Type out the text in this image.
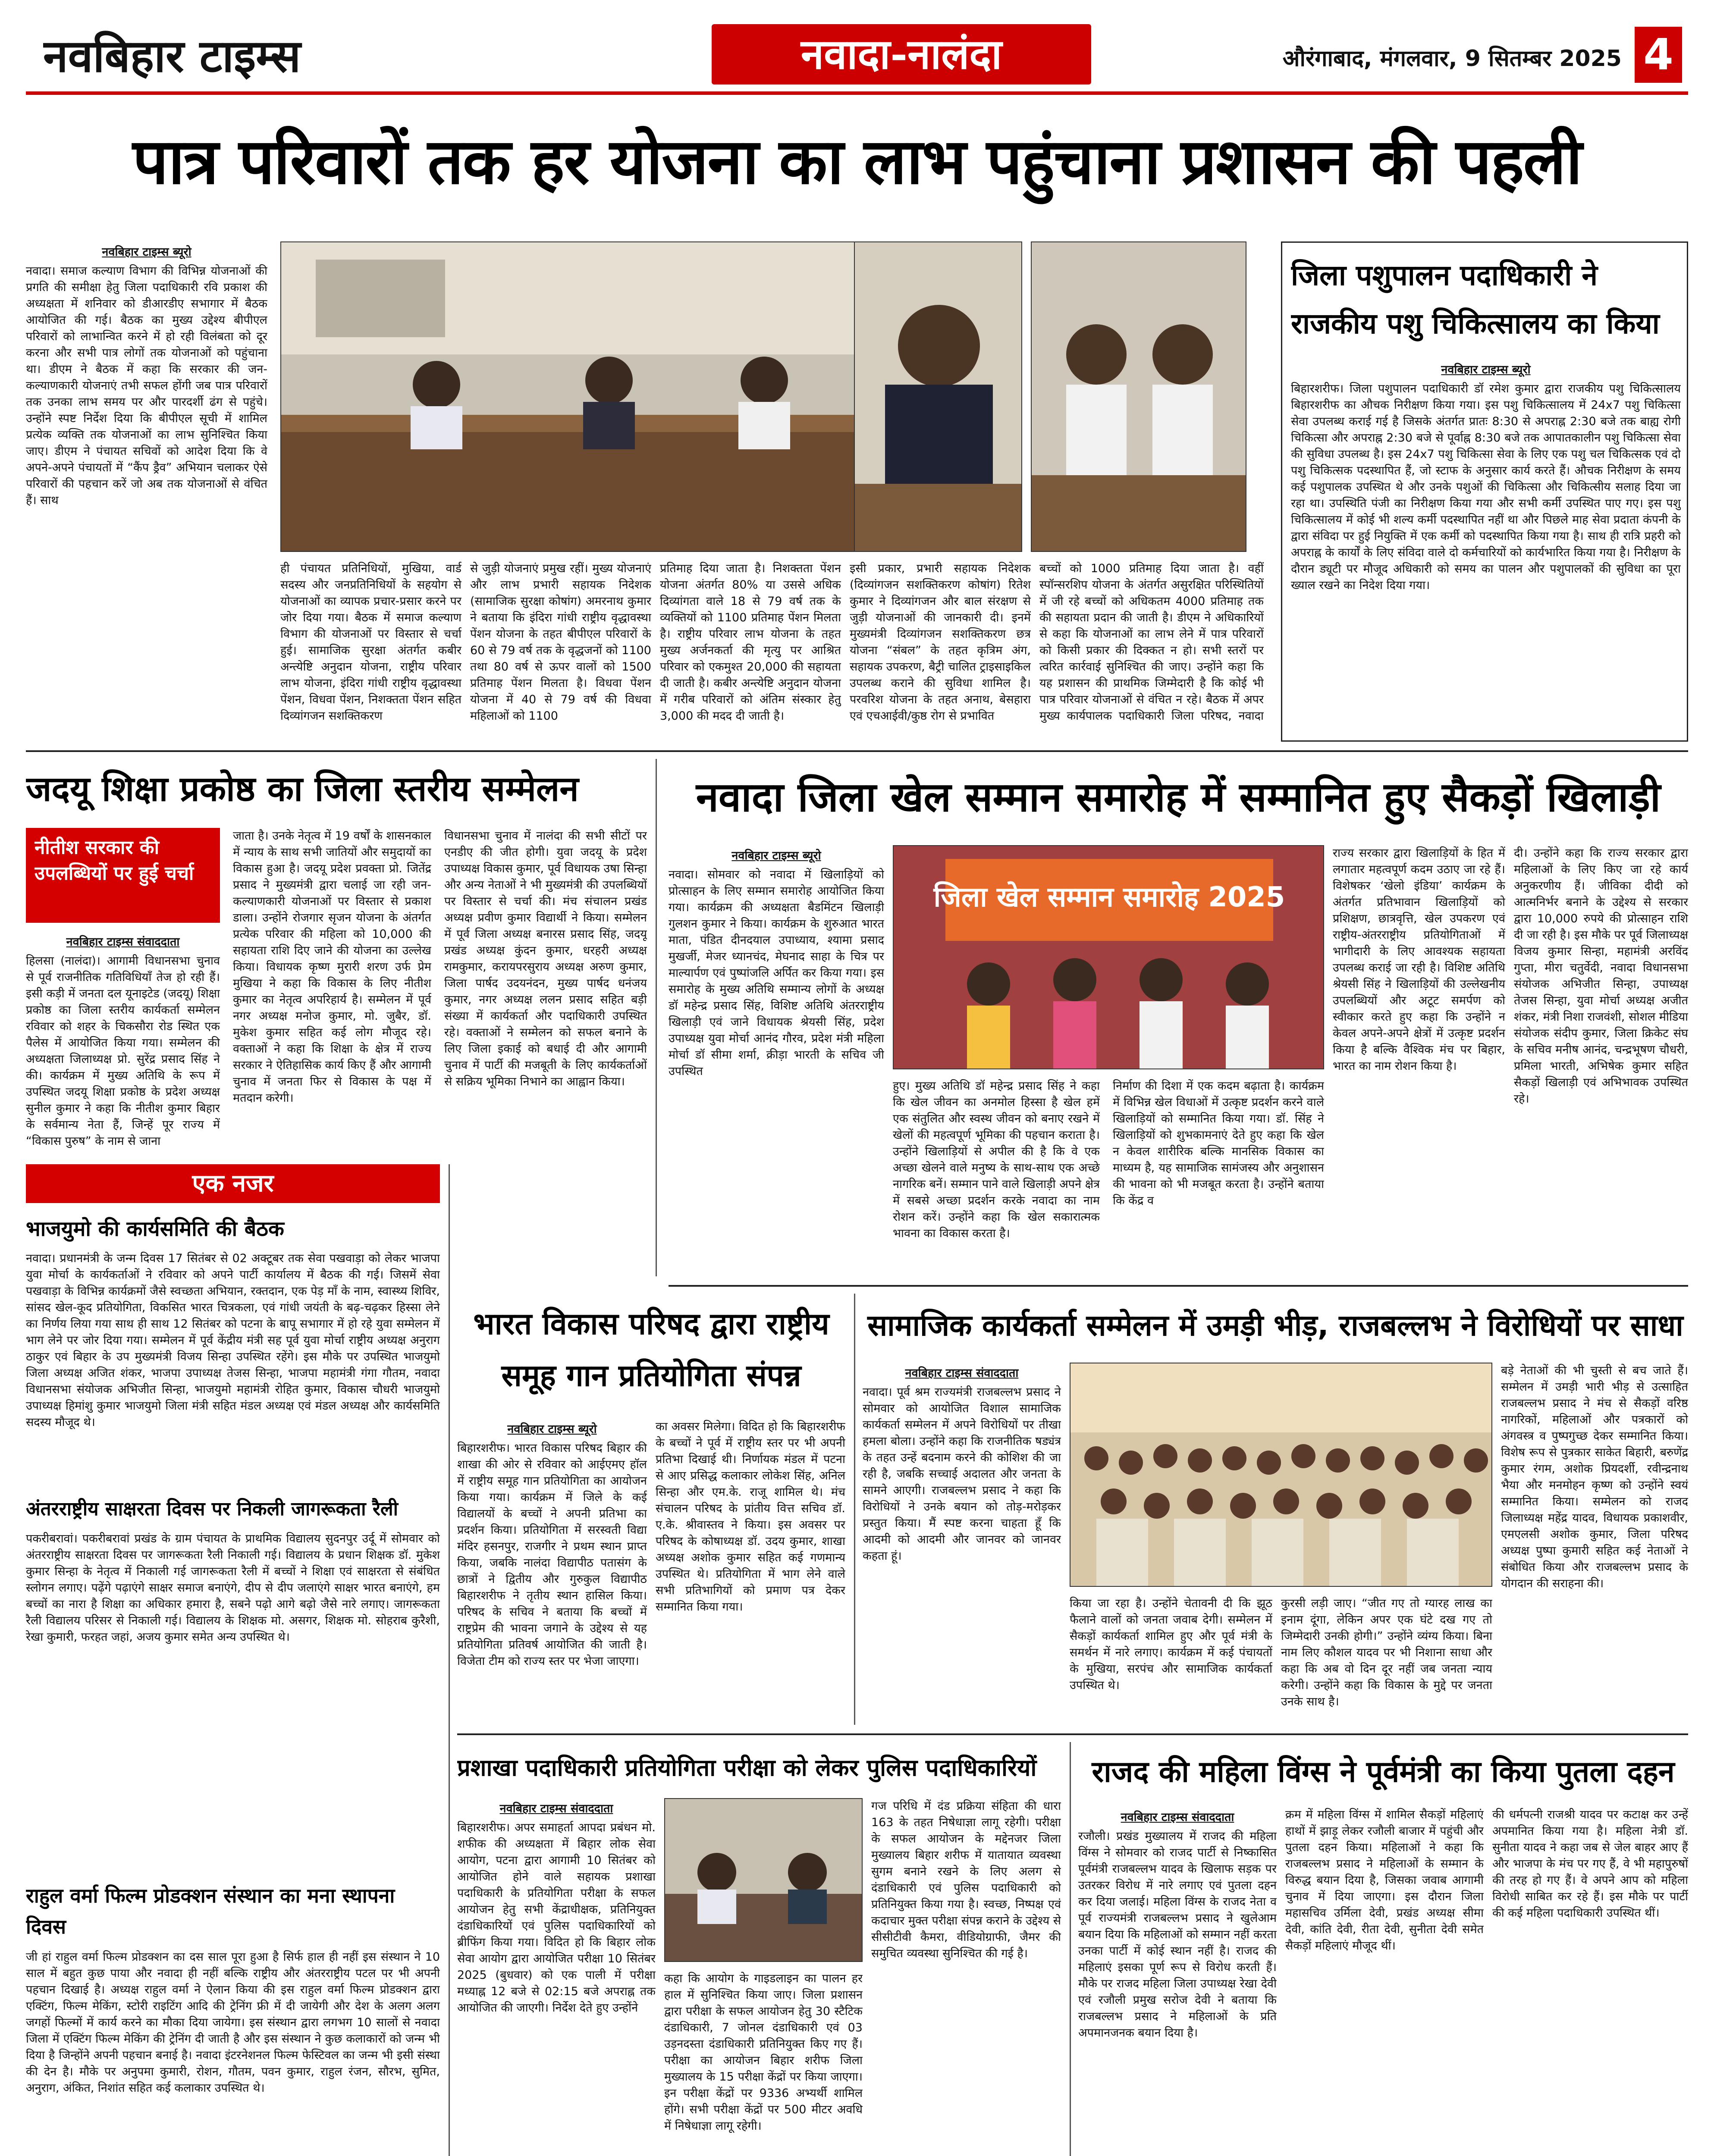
नवबिहार टाइम्स	नवादा-नालंदा	औरंगाबाद, मंगलवार, 9 सितम्बर 2025 4
पात्र परिवारों तक हर योजना का लाभ पहुंचाना प्रशासन की पहली
नवबिहार टाइम्स ब्यूरो

नवादा। समाज कल्याण विभाग की विभिन्न योजनाओं की प्रगति की समीक्षा हेतु जिला पदाधिकारी रवि प्रकाश की अध्यक्षता में शनिवार को डीआरडीए सभागार में बैठक आयोजित की गई। बैठक का मुख्य उद्देश्य बीपीएल परिवारों को लाभान्वित करने में हो रही विलंबता को दूर करना और सभी पात्र लोगों तक योजनाओं को पहुंचाना था। डीएम ने बैठक में कहा कि सरकार की जन-कल्याणकारी योजनाएं तभी सफल होंगी जब पात्र परिवारों तक उनका लाभ समय पर और पारदर्शी ढंग से पहुंचे। उन्होंने स्पष्ट निर्देश दिया कि बीपीएल सूची में शामिल प्रत्येक व्यक्ति तक योजनाओं का लाभ सुनिश्चित किया जाए। डीएम ने पंचायत सचिवों को आदेश दिया कि वे अपने-अपने पंचायतों में “कैंप ड्रैव” अभियान चलाकर ऐसे परिवारों की पहचान करें जो अब तक योजनाओं से वंचित हैं। साथ

ही पंचायत प्रतिनिधियों, मुखिया, वार्ड सदस्य और जनप्रतिनिधियों के सहयोग से योजनाओं का व्यापक प्रचार-प्रसार करने पर जोर दिया गया। बैठक में समाज कल्याण विभाग की योजनाओं पर विस्तार से चर्चा हुई। सामाजिक सुरक्षा अंतर्गत कबीर अन्त्येष्टि अनुदान योजना, राष्ट्रीय परिवार लाभ योजना, इंदिरा गांधी राष्ट्रीय वृद्धावस्था पेंशन, विधवा पेंशन, निशक्तता पेंशन सहित दिव्यांगजन सशक्तिकरण

से जुड़ी योजनाएं प्रमुख रहीं। मुख्य योजनाएं और लाभ प्रभारी सहायक निदेशक (सामाजिक सुरक्षा कोषांग) अमरनाथ कुमार ने बताया कि इंदिरा गांधी राष्ट्रीय वृद्धावस्था पेंशन योजना के तहत बीपीएल परिवारों के 60 से 79 वर्ष तक के वृद्धजनों को 1100 तथा 80 वर्ष से ऊपर वालों को 1500 प्रतिमाह पेंशन मिलता है। विधवा पेंशन योजना में 40 से 79 वर्ष की विधवा महिलाओं को 1100

प्रतिमाह दिया जाता है। निशक्तता पेंशन योजना अंतर्गत 80% या उससे अधिक दिव्यांगता वाले 18 से 79 वर्ष तक के व्यक्तियों को 1100 प्रतिमाह पेंशन मिलता है। राष्ट्रीय परिवार लाभ योजना के तहत मुख्य अर्जनकर्ता की मृत्यु पर आश्रित परिवार को एकमुश्त 20,000 की सहायता दी जाती है। कबीर अन्त्येष्टि अनुदान योजना में गरीब परिवारों को अंतिम संस्कार हेतु 3,000 की मदद दी जाती है।

इसी प्रकार, प्रभारी सहायक निदेशक (दिव्यांगजन सशक्तिकरण कोषांग) रितेश कुमार ने दिव्यांगजन और बाल संरक्षण से जुड़ी योजनाओं की जानकारी दी। इनमें मुख्यमंत्री दिव्यांगजन सशक्तिकरण छत्र योजना “संबल” के तहत कृत्रिम अंग, सहायक उपकरण, बैट्री चालित ट्राइसाइकिल उपलब्ध कराने की सुविधा शामिल है। परवरिश योजना के तहत अनाथ, बेसहारा एवं एचआईवी/कुष्ठ रोग से प्रभावित

बच्चों को 1000 प्रतिमाह दिया जाता है। वहीं स्पॉन्सरशिप योजना के अंतर्गत असुरक्षित परिस्थितियों में जी रहे बच्चों को अधिकतम 4000 प्रतिमाह तक की सहायता प्रदान की जाती है। डीएम ने अधिकारियों से कहा कि योजनाओं का लाभ लेने में पात्र परिवारों को किसी प्रकार की दिक्कत न हो। सभी स्तरों पर त्वरित कार्रवाई सुनिश्चित की जाए। उन्होंने कहा कि यह प्रशासन की प्राथमिक जिम्मेदारी है कि कोई भी पात्र परिवार योजनाओं से वंचित न रहे। बैठक में अपर मुख्य कार्यपालक पदाधिकारी जिला परिषद, नवादा

जिला पशुपालन पदाधिकारी ने राजकीय पशु चिकित्सालय का किया
नवबिहार टाइम्स ब्यूरो

बिहारशरीफ। जिला पशुपालन पदाधिकारी डॉ रमेश कुमार द्वारा राजकीय पशु चिकित्सालय बिहारशरीफ का औचक निरीक्षण किया गया। इस पशु चिकित्सालय में 24x7 पशु चिकित्सा सेवा उपलब्ध कराई गई है जिसके अंतर्गत प्रातः 8:30 से अपराह्न 2:30 बजे तक बाह्य रोगी चिकित्सा और अपराह्न 2:30 बजे से पूर्वाह्न 8:30 बजे तक आपातकालीन पशु चिकित्सा सेवा की सुविधा उपलब्ध है। इस 24x7 पशु चिकित्सा सेवा के लिए एक पशु चल चिकित्सक एवं दो पशु चिकित्सक पदस्थापित हैं, जो स्टाफ के अनुसार कार्य करते हैं। औचक निरीक्षण के समय कई पशुपालक उपस्थित थे और उनके पशुओं की चिकित्सा और चिकित्सीय सलाह दिया जा रहा था। उपस्थिति पंजी का निरीक्षण किया गया और सभी कर्मी उपस्थित पाए गए। इस पशु चिकित्सालय में कोई भी शल्य कर्मी पदस्थापित नहीं था और पिछले माह सेवा प्रदाता कंपनी के द्वारा संविदा पर हुई नियुक्ति में एक कर्मी को पदस्थापित किया गया है। साथ ही रात्रि प्रहरी को अपराह्न के कार्यों के लिए संविदा वाले दो कर्मचारियों को कार्यभारित किया गया है। निरीक्षण के दौरान ड्यूटी पर मौजूद अधिकारी को समय का पालन और पशुपालकों की सुविधा का पूरा ख्याल रखने का निदेश दिया गया।

जदयू शिक्षा प्रकोष्ठ का जिला स्तरीय सम्मेलन
नीतीश सरकार की उपलब्धियों पर हुई चर्चा
नवबिहार टाइम्स संवाददाता

हिलसा (नालंदा)। आगामी विधानसभा चुनाव से पूर्व राजनीतिक गतिविधियाँ तेज हो रही हैं। इसी कड़ी में जनता दल यूनाइटेड (जदयू) शिक्षा प्रकोष्ठ का जिला स्तरीय कार्यकर्ता सम्मेलन रविवार को शहर के चिकसौरा रोड स्थित एक पैलेस में आयोजित किया गया। सम्मेलन की अध्यक्षता जिलाध्यक्ष प्रो. सुरेंद्र प्रसाद सिंह ने की। कार्यक्रम में मुख्य अतिथि के रूप में उपस्थित जदयू शिक्षा प्रकोष्ठ के प्रदेश अध्यक्ष सुनील कुमार ने कहा कि नीतीश कुमार बिहार के सर्वमान्य नेता हैं, जिन्हें पूर राज्य में “विकास पुरुष” के नाम से जाना

जाता है। उनके नेतृत्व में 19 वर्षों के शासनकाल में न्याय के साथ सभी जातियों और समुदायों का विकास हुआ है। जदयू प्रदेश प्रवक्ता प्रो. जितेंद्र प्रसाद ने मुख्यमंत्री द्वारा चलाई जा रही जन-कल्याणकारी योजनाओं पर विस्तार से प्रकाश डाला। उन्होंने रोजगार सृजन योजना के अंतर्गत प्रत्येक परिवार की महिला को 10,000 की सहायता राशि दिए जाने की योजना का उल्लेख किया। विधायक कृष्ण मुरारी शरण उर्फ प्रेम मुखिया ने कहा कि विकास के लिए नीतीश कुमार का नेतृत्व अपरिहार्य है। सम्मेलन में पूर्व नगर अध्यक्ष मनोज कुमार, मो. जुबैर, डॉ. मुकेश कुमार सहित कई लोग मौजूद रहे। वक्ताओं ने कहा कि शिक्षा के क्षेत्र में राज्य सरकार ने ऐतिहासिक कार्य किए हैं और आगामी चुनाव में जनता फिर से विकास के पक्ष में मतदान करेगी।

विधानसभा चुनाव में नालंदा की सभी सीटों पर एनडीए की जीत होगी। युवा जदयू के प्रदेश उपाध्यक्ष विकास कुमार, पूर्व विधायक उषा सिन्हा और अन्य नेताओं ने भी मुख्यमंत्री की उपलब्धियों पर विस्तार से चर्चा की। मंच संचालन प्रखंड अध्यक्ष प्रवीण कुमार विद्यार्थी ने किया। सम्मेलन में पूर्व जिला अध्यक्ष बनारस प्रसाद सिंह, जदयू प्रखंड अध्यक्ष कुंदन कुमार, धरहरी अध्यक्ष रामकुमार, करायपरसुराय अध्यक्ष अरुण कुमार, जिला पार्षद उदयनंदन, मुख्य पार्षद धनंजय कुमार, नगर अध्यक्ष ललन प्रसाद सहित बड़ी संख्या में कार्यकर्ता और पदाधिकारी उपस्थित रहे। वक्ताओं ने सम्मेलन को सफल बनाने के लिए जिला इकाई को बधाई दी और आगामी चुनाव में पार्टी की मजबूती के लिए कार्यकर्ताओं से सक्रिय भूमिका निभाने का आह्वान किया।

नवादा जिला खेल सम्मान समारोह में सम्मानित हुए सैकड़ों खिलाड़ी
नवबिहार टाइम्स ब्यूरो

नवादा। सोमवार को नवादा में खिलाड़ियों को प्रोत्साहन के लिए सम्मान समारोह आयोजित किया गया। कार्यक्रम की अध्यक्षता बैडमिंटन खिलाड़ी गुलशन कुमार ने किया। कार्यक्रम के शुरुआत भारत माता, पंडित दीनदयाल उपाध्याय, श्यामा प्रसाद मुखर्जी, मेजर ध्यानचंद, मेघनाद साहा के चित्र पर माल्यार्पण एवं पुष्पांजलि अर्पित कर किया गया। इस समारोह के मुख्य अतिथि सम्मान्य लोगों के अध्यक्ष डॉ महेन्द्र प्रसाद सिंह, विशिष्ट अतिथि अंतरराष्ट्रीय खिलाड़ी एवं जाने विधायक श्रेयसी सिंह, प्रदेश उपाध्यक्ष युवा मोर्चा आनंद गौरव, प्रदेश मंत्री महिला मोर्चा डॉ सीमा शर्मा, क्रीड़ा भारती के सचिव जी उपस्थित

जिला खेल सम्मान समारोह 2025

हुए। मुख्य अतिथि डॉ महेन्द्र प्रसाद सिंह ने कहा कि खेल जीवन का अनमोल हिस्सा है खेल हमें एक संतुलित और स्वस्थ जीवन को बनाए रखने में खेलों की महत्वपूर्ण भूमिका की पहचान कराता है। उन्होंने खिलाड़ियों से अपील की है कि वे एक अच्छा खेलने वाले मनुष्य के साथ-साथ एक अच्छे नागरिक बनें। सम्मान पाने वाले खिलाड़ी अपने क्षेत्र में सबसे अच्छा प्रदर्शन करके नवादा का नाम रोशन करें। उन्होंने कहा कि खेल सकारात्मक भावना का विकास करता है।

निर्माण की दिशा में एक कदम बढ़ाता है। कार्यक्रम में विभिन्न खेल विधाओं में उत्कृष्ट प्रदर्शन करने वाले खिलाड़ियों को सम्मानित किया गया। डॉ. सिंह ने खिलाड़ियों को शुभकामनाएं देते हुए कहा कि खेल न केवल शारीरिक बल्कि मानसिक विकास का माध्यम है, यह सामाजिक सामंजस्य और अनुशासन की भावना को भी मजबूत करता है। उन्होंने बताया कि केंद्र व

राज्य सरकार द्वारा खिलाड़ियों के हित में लगातार महत्वपूर्ण कदम उठाए जा रहे हैं। विशेषकर ‘खेलो इंडिया’ कार्यक्रम के अंतर्गत प्रतिभावान खिलाड़ियों को प्रशिक्षण, छात्रवृत्ति, खेल उपकरण एवं राष्ट्रीय-अंतरराष्ट्रीय प्रतियोगिताओं में भागीदारी के लिए आवश्यक सहायता उपलब्ध कराई जा रही है। विशिष्ट अतिथि श्रेयसी सिंह ने खिलाड़ियों की उल्लेखनीय उपलब्धियों और अटूट समर्पण को स्वीकार करते हुए कहा कि उन्होंने न केवल अपने-अपने क्षेत्रों में उत्कृष्ट प्रदर्शन किया है बल्कि वैश्विक मंच पर बिहार, भारत का नाम रोशन किया है।

दी। उन्होंने कहा कि राज्य सरकार द्वारा महिलाओं के लिए किए जा रहे कार्य अनुकरणीय हैं। जीविका दीदी को आत्मनिर्भर बनाने के उद्देश्य से सरकार द्वारा 10,000 रुपये की प्रोत्साहन राशि दी जा रही है। इस मौके पर पूर्व जिलाध्यक्ष विजय कुमार सिन्हा, महामंत्री अरविंद गुप्ता, मीरा चतुर्वेदी, नवादा विधानसभा संयोजक अभिजीत सिन्हा, उपाध्यक्ष तेजस सिन्हा, युवा मोर्चा अध्यक्ष अजीत शंकर, मंत्री निशा राजवंशी, सोशल मीडिया संयोजक संदीप कुमार, जिला क्रिकेट संघ के सचिव मनीष आनंद, चन्द्रभूषण चौधरी, प्रमिला भारती, अभिषेक कुमार सहित सैकड़ों खिलाड़ी एवं अभिभावक उपस्थित रहे।

एक नजर
भाजयुमो की कार्यसमिति की बैठक

नवादा। प्रधानमंत्री के जन्म दिवस 17 सितंबर से 02 अक्टूबर तक सेवा पखवाड़ा को लेकर भाजपा युवा मोर्चा के कार्यकर्ताओं ने रविवार को अपने पार्टी कार्यालय में बैठक की गई। जिसमें सेवा पखवाड़ा के विभिन्न कार्यक्रमों जैसे स्वच्छता अभियान, रक्तदान, एक पेड़ माँ के नाम, स्वास्थ्य शिविर, सांसद खेल-कूद प्रतियोगिता, विकसित भारत चित्रकला, एवं गांधी जयंती के बढ़-चढ़कर हिस्सा लेने का निर्णय लिया गया साथ ही साथ 12 सितंबर को पटना के बापू सभागार में हो रहे युवा सम्मेलन में भाग लेने पर जोर दिया गया। सम्मेलन में पूर्व केंद्रीय मंत्री सह पूर्व युवा मोर्चा राष्ट्रीय अध्यक्ष अनुराग ठाकुर एवं बिहार के उप मुख्यमंत्री विजय सिन्हा उपस्थित रहेंगे। इस मौके पर उपस्थित भाजयुमो जिला अध्यक्ष अजित शंकर, भाजपा उपाध्यक्ष तेजस सिन्हा, भाजपा महामंत्री गंगा गौतम, नवादा विधानसभा संयोजक अभिजीत सिन्हा, भाजयुमो महामंत्री रोहित कुमार, विकास चौधरी भाजयुमो उपाध्यक्ष हिमांशु कुमार भाजयुमो जिला मंत्री सहित मंडल अध्यक्ष एवं मंडल अध्यक्ष और कार्यसमिति सदस्य मौजूद थे।

अंतरराष्ट्रीय साक्षरता दिवस पर निकली जागरूकता रैली

पकरीबरावां। पकरीबरावां प्रखंड के ग्राम पंचायत के प्राथमिक विद्यालय सुदनपुर उर्दू में सोमवार को अंतरराष्ट्रीय साक्षरता दिवस पर जागरूकता रैली निकाली गई। विद्यालय के प्रधान शिक्षक डॉ. मुकेश कुमार सिन्हा के नेतृत्व में निकाली गई जागरूकता रैली में बच्चों ने शिक्षा एवं साक्षरता से संबंधित स्लोगन लगाए। पढ़ेंगे पढ़ाएंगे साक्षर समाज बनाएंगे, दीप से दीप जलाएंगे साक्षर भारत बनाएंगे, हम बच्चों का नारा है शिक्षा का अधिकार हमारा है, सबने पढ़ो आगे बढ़ो जैसे नारे लगाए। जागरूकता रैली विद्यालय परिसर से निकाली गई। विद्यालय के शिक्षक मो. असगर, शिक्षक मो. सोहराब कुरैशी, रेखा कुमारी, फरहत जहां, अजय कुमार समेत अन्य उपस्थित थे।

राहुल वर्मा फिल्म प्रोडक्शन संस्थान का मना स्थापना दिवस

जी हां राहुल वर्मा फिल्म प्रोडक्शन का दस साल पूरा हुआ है सिर्फ हाल ही नहीं इस संस्थान ने 10 साल में बहुत कुछ पाया और नवादा ही नहीं बल्कि राष्ट्रीय और अंतरराष्ट्रीय पटल पर भी अपनी पहचान दिखाई है। अध्यक्ष राहुल वर्मा ने ऐलान किया की इस राहुल वर्मा फिल्म प्रोडक्शन द्वारा एक्टिंग, फिल्म मेकिंग, स्टोरी राइटिंग आदि की ट्रेनिंग फ्री में दी जायेगी और देश के अलग अलग जगहों फिल्मों में कार्य करने का मौका दिया जायेगा। इस संस्थान द्वारा लगभग 10 सालों से नवादा जिला में एक्टिंग फिल्म मेकिंग की ट्रेनिंग दी जाती है और इस संस्थान ने कुछ कलाकारों को जन्म भी दिया है जिन्होंने अपनी पहचान बनाई है। नवादा इंटरनेशनल फिल्म फेस्टिवल का जन्म भी इसी संस्था की देन है। मौके पर अनुपमा कुमारी, रोशन, गौतम, पवन कुमार, राहुल रंजन, सौरभ, सुमित, अनुराग, अंकित, निशांत सहित कई कलाकार उपस्थित थे।

भारत विकास परिषद द्वारा राष्ट्रीय समूह गान प्रतियोगिता संपन्न
नवबिहार टाइम्स ब्यूरो

बिहारशरीफ। भारत विकास परिषद बिहार की शाखा की ओर से रविवार को आईएमए हॉल में राष्ट्रीय समूह गान प्रतियोगिता का आयोजन किया गया। कार्यक्रम में जिले के कई विद्यालयों के बच्चों ने अपनी प्रतिभा का प्रदर्शन किया। प्रतियोगिता में सरस्वती विद्या मंदिर हसनपुर, राजगीर ने प्रथम स्थान प्राप्त किया, जबकि नालंदा विद्यापीठ पतासंग के छात्रों ने द्वितीय और गुरुकुल विद्यापीठ बिहारशरीफ ने तृतीय स्थान हासिल किया। परिषद के सचिव ने बताया कि बच्चों में राष्ट्रप्रेम की भावना जगाने के उद्देश्य से यह प्रतियोगिता प्रतिवर्ष आयोजित की जाती है। विजेता टीम को राज्य स्तर पर भेजा जाएगा।

का अवसर मिलेगा। विदित हो कि बिहारशरीफ के बच्चों ने पूर्व में राष्ट्रीय स्तर पर भी अपनी प्रतिभा दिखाई थी। निर्णायक मंडल में पटना से आए प्रसिद्ध कलाकार लोकेश सिंह, अनिल सिन्हा और एम.के. राजू शामिल थे। मंच संचालन परिषद के प्रांतीय वित्त सचिव डॉ. ए.के. श्रीवास्तव ने किया। इस अवसर पर परिषद के कोषाध्यक्ष डॉ. उदय कुमार, शाखा अध्यक्ष अशोक कुमार सहित कई गणमान्य उपस्थित थे। प्रतियोगिता में भाग लेने वाले सभी प्रतिभागियों को प्रमाण पत्र देकर सम्मानित किया गया।

सामाजिक कार्यकर्ता सम्मेलन में उमड़ी भीड़, राजबल्लभ ने विरोधियों पर साधा
नवबिहार टाइम्स संवाददाता

नवादा। पूर्व श्रम राज्यमंत्री राजबल्लभ प्रसाद ने सोमवार को आयोजित विशाल सामाजिक कार्यकर्ता सम्मेलन में अपने विरोधियों पर तीखा हमला बोला। उन्होंने कहा कि राजनीतिक षड्यंत्र के तहत उन्हें बदनाम करने की कोशिश की जा रही है, जबकि सच्चाई अदालत और जनता के सामने आएगी। राजबल्लभ प्रसाद ने कहा कि विरोधियों ने उनके बयान को तोड़-मरोड़कर प्रस्तुत किया। मैं स्पष्ट करना चाहता हूँ कि आदमी को आदमी और जानवर को जानवर कहता हूं।

किया जा रहा है। उन्होंने चेतावनी दी कि झूठ फैलाने वालों को जनता जवाब देगी। सम्मेलन में सैकड़ों कार्यकर्ता शामिल हुए और पूर्व मंत्री के समर्थन में नारे लगाए। कार्यक्रम में कई पंचायतों के मुखिया, सरपंच और सामाजिक कार्यकर्ता उपस्थित थे।

कुरसी लड़ी जाए। “जीत गए तो ग्यारह लाख का इनाम दूंगा, लेकिन अपर एक घंटे दख गए तो जिम्मेदारी उनकी होगी।” उन्होंने व्यंग्य किया। बिना नाम लिए कौशल यादव पर भी निशाना साधा और कहा कि अब वो दिन दूर नहीं जब जनता न्याय करेगी। उन्होंने कहा कि विकास के मुद्दे पर जनता उनके साथ है।

बड़े नेताओं की भी चुस्ती से बच जाते हैं। सम्मेलन में उमड़ी भारी भीड़ से उत्साहित राजबल्लभ प्रसाद ने मंच से सैकड़ों वरिष्ठ नागरिकों, महिलाओं और पत्रकारों को अंगवस्त्र व पुष्पगुच्छ देकर सम्मानित किया। विशेष रूप से पुत्रकार साकेत बिहारी, बरुणेंद्र कुमार रंगम, अशोक प्रियदर्शी, रवीन्द्रनाथ भैया और मनमोहन कृष्ण को उन्होंने स्वयं सम्मानित किया। सम्मेलन को राजद जिलाध्यक्ष महेंद्र यादव, विधायक प्रकाशवीर, एमएलसी अशोक कुमार, जिला परिषद अध्यक्ष पुष्पा कुमारी सहित कई नेताओं ने संबोधित किया और राजबल्लभ प्रसाद के योगदान की सराहना की।

प्रशाखा पदाधिकारी प्रतियोगिता परीक्षा को लेकर पुलिस पदाधिकारियों
नवबिहार टाइम्स संवाददाता

बिहारशरीफ। अपर समाहर्ता आपदा प्रबंधन मो. शफीक की अध्यक्षता में बिहार लोक सेवा आयोग, पटना द्वारा आगामी 10 सितंबर को आयोजित होने वाले सहायक प्रशाखा पदाधिकारी के प्रतियोगिता परीक्षा के सफल आयोजन हेतु सभी केंद्राधीक्षक, प्रतिनियुक्त दंडाधिकारियों एवं पुलिस पदाधिकारियों को ब्रीफिंग किया गया। विदित हो कि बिहार लोक सेवा आयोग द्वारा आयोजित परीक्षा 10 सितंबर 2025 (बुधवार) को एक पाली में परीक्षा मध्याह्न 12 बजे से 02:15 बजे अपराह्न तक आयोजित की जाएगी। निर्देश देते हुए उन्होंने

कहा कि आयोग के गाइडलाइन का पालन हर हाल में सुनिश्चित किया जाए। जिला प्रशासन द्वारा परीक्षा के सफल आयोजन हेतु 30 स्टैटिक दंडाधिकारी, 7 जोनल दंडाधिकारी एवं 03 उड़नदस्ता दंडाधिकारी प्रतिनियुक्त किए गए हैं। परीक्षा का आयोजन बिहार शरीफ जिला मुख्यालय के 15 परीक्षा केंद्रों पर किया जाएगा। इन परीक्षा केंद्रों पर 9336 अभ्यर्थी शामिल होंगे। सभी परीक्षा केंद्रों पर 500 मीटर अवधि में निषेधाज्ञा लागू रहेगी।

गज परिधि में दंड प्रक्रिया संहिता की धारा 163 के तहत निषेधाज्ञा लागू रहेगी। परीक्षा के सफल आयोजन के मद्देनजर जिला मुख्यालय बिहार शरीफ में यातायात व्यवस्था सुगम बनाने रखने के लिए अलग से दंडाधिकारी एवं पुलिस पदाधिकारी को प्रतिनियुक्त किया गया है। स्वच्छ, निष्पक्ष एवं कदाचार मुक्त परीक्षा संपन्न कराने के उद्देश्य से सीसीटीवी कैमरा, वीडियोग्राफी, जैमर की समुचित व्यवस्था सुनिश्चित की गई है।

राजद की महिला विंग्स ने पूर्वमंत्री का किया पुतला दहन
नवबिहार टाइम्स संवाददाता

रजौली। प्रखंड मुख्यालय में राजद की महिला विंग्स ने सोमवार को राजद पार्टी से निष्कासित पूर्वमंत्री राजबल्लभ यादव के खिलाफ सड़क पर उतरकर विरोध में नारे लगाए एवं पुतला दहन कर दिया जलाई। महिला विंग्स के राजद नेता व पूर्व राज्यमंत्री राजबल्लभ प्रसाद ने खुलेआम बयान दिया कि महिलाओं को सम्मान नहीं करता उनका पार्टी में कोई स्थान नहीं है। राजद की महिलाएं इसका पूर्ण रूप से विरोध करती हैं। मौके पर राजद महिला जिला उपाध्यक्ष रेखा देवी एवं रजौली प्रमुख सरोज देवी ने बताया कि राजबल्लभ प्रसाद ने महिलाओं के प्रति अपमानजनक बयान दिया है।

क्रम में महिला विंग्स में शामिल सैकड़ों महिलाएं हाथों में झाड़ू लेकर रजौली बाजार में पहुंची और पुतला दहन किया। महिलाओं ने कहा कि राजबल्लभ प्रसाद ने महिलाओं के सम्मान के विरुद्ध बयान दिया है, जिसका जवाब आगामी चुनाव में दिया जाएगा। इस दौरान जिला महासचिव उर्मिला देवी, प्रखंड अध्यक्ष सीमा देवी, कांति देवी, रीता देवी, सुनीता देवी समेत सैकड़ों महिलाएं मौजूद थीं।

की धर्मपत्नी राजश्री यादव पर कटाक्ष कर उन्हें अपमानित किया गया है। महिला नेत्री डॉ. सुनीता यादव ने कहा जब से जेल बाहर आए हैं और भाजपा के मंच पर गए हैं, वे भी महापुरुषों की तरह हो गए हैं। वे अपने आप को महिला विरोधी साबित कर रहे हैं। इस मौके पर पार्टी की कई महिला पदाधिकारी उपस्थित थीं।
